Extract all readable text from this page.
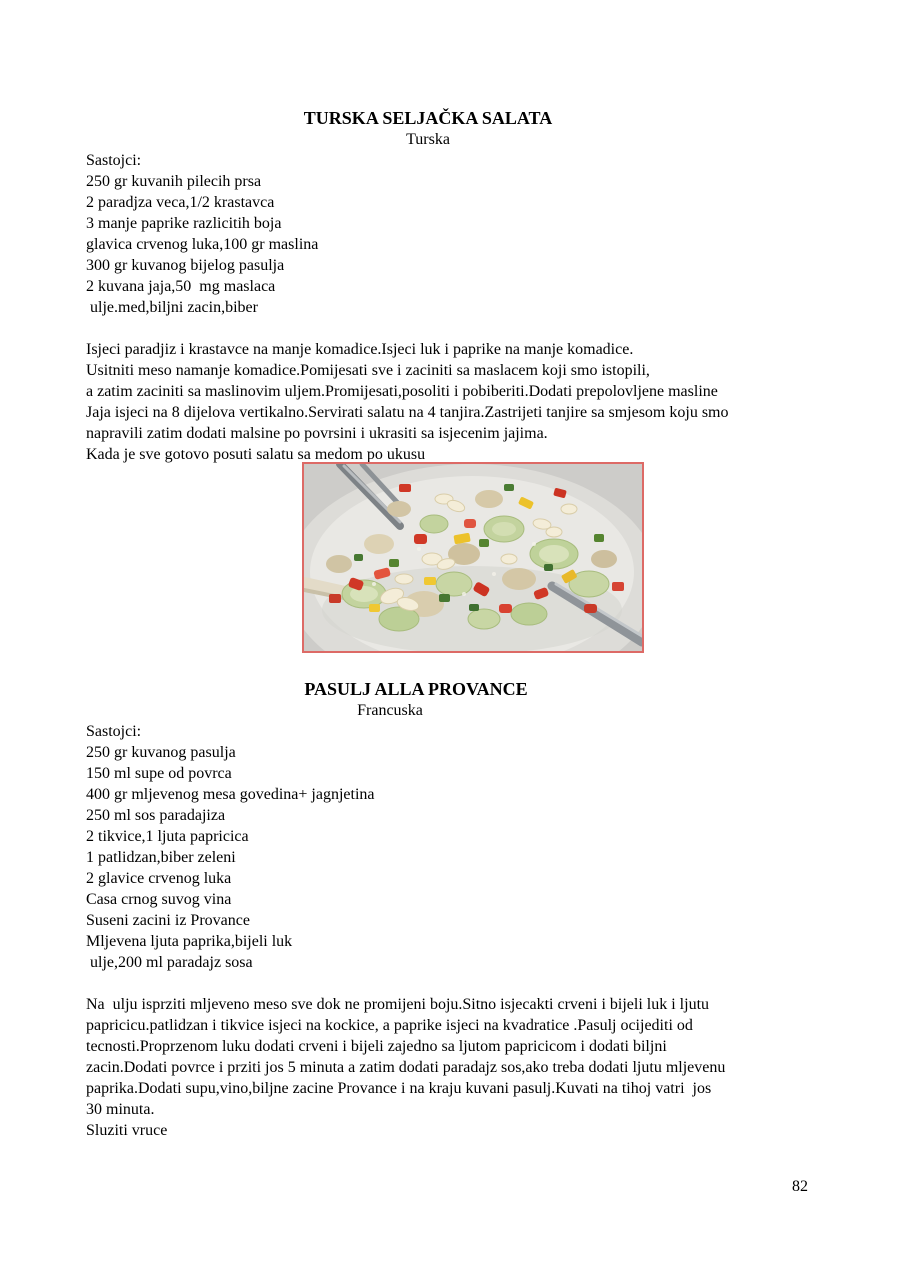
TURSKA SELJAČKA SALATA
Turska
Sastojci:
250 gr kuvanih pilecih prsa
2 paradjza veca,1/2 krastavca
3 manje paprike razlicitih boja
glavica crvenog luka,100 gr maslina
300 gr kuvanog bijelog pasulja
2 kuvana jaja,50  mg maslaca
ulje.med,biljni zacin,biber
Isjeci paradjiz i krastavce na manje komadice.Isjeci luk i paprike na manje komadice.
Usitniti meso namanje komadice.Pomijesati sve i zaciniti sa maslacem koji smo istopili,
a zatim zaciniti sa maslinovim uljem.Promijesati,posoliti i pobiberiti.Dodati prepolovljene masline
Jaja isjeci na 8 dijelova vertikalno.Servirati salatu na 4 tanjira.Zastrijeti tanjire sa smjesom koju smo
napravili zatim dodati malsine po povrsini i ukrasiti sa isjecenim jajima.
Kada je sve gotovo posuti salatu sa medom po ukusu
PASULJ ALLA PROVANCE
Francuska
Sastojci:
250 gr kuvanog pasulja
150 ml supe od povrca
400 gr mljevenog mesa govedina+ jagnjetina
250 ml sos paradajiza
2 tikvice,1 ljuta papricica
1 patlidzan,biber zeleni
2 glavice crvenog luka
Casa crnog suvog vina
Suseni zacini iz Provance
Mljevena ljuta paprika,bijeli luk
ulje,200 ml paradajz sosa
Na  ulju isprziti mljeveno meso sve dok ne promijeni boju.Sitno isjecakti crveni i bijeli luk i ljutu
papricicu.patlidzan i tikvice isjeci na kockice, a paprike isjeci na kvadratice .Pasulj ocijediti od
tecnosti.Proprzenom luku dodati crveni i bijeli zajedno sa ljutom papricicom i dodati biljni
zacin.Dodati povrce i prziti jos 5 minuta a zatim dodati paradajz sos,ako treba dodati ljutu mljevenu
paprika.Dodati supu,vino,biljne zacine Provance i na kraju kuvani pasulj.Kuvati na tihoj vatri  jos
30 minuta.
Sluziti vruce
82
